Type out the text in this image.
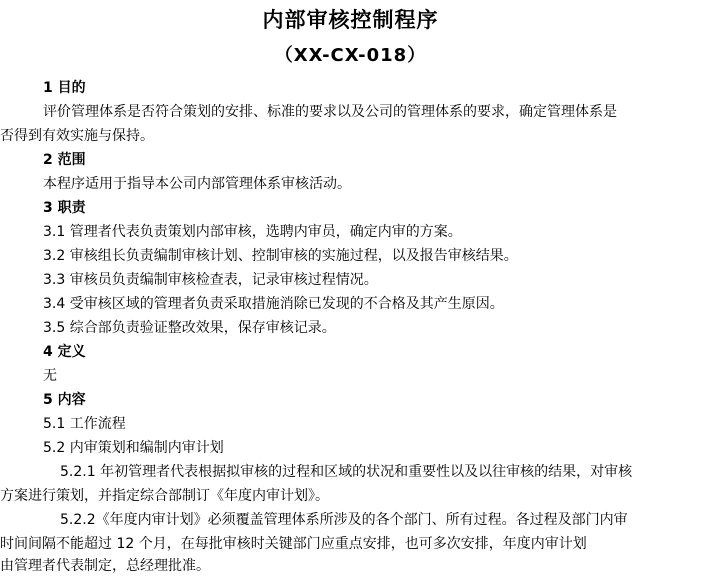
内部审核控制程序
（XX-CX-018）
1 目的
评价管理体系是否符合策划的安排、标准的要求以及公司的管理体系的要求，确定管理体系是
否得到有效实施与保持。
2 范围
本程序适用于指导本公司内部管理体系审核活动。
3 职责
3.1 管理者代表负责策划内部审核，选聘内审员，确定内审的方案。
3.2 审核组长负责编制审核计划、控制审核的实施过程，以及报告审核结果。
3.3 审核员负责编制审核检查表，记录审核过程情况。
3.4 受审核区域的管理者负责采取措施消除已发现的不合格及其产生原因。
3.5 综合部负责验证整改效果，保存审核记录。
4 定义
无
5 内容
5.1 工作流程
5.2 内审策划和编制内审计划
5.2.1 年初管理者代表根据拟审核的过程和区域的状况和重要性以及以往审核的结果，对审核
方案进行策划，并指定综合部制订《年度内审计划》。
5.2.2《年度内审计划》必须覆盖管理体系所涉及的各个部门、所有过程。各过程及部门内审
时间间隔不能超过 12 个月，在每批审核时关键部门应重点安排，也可多次安排，年度内审计划
由管理者代表制定，总经理批准。
